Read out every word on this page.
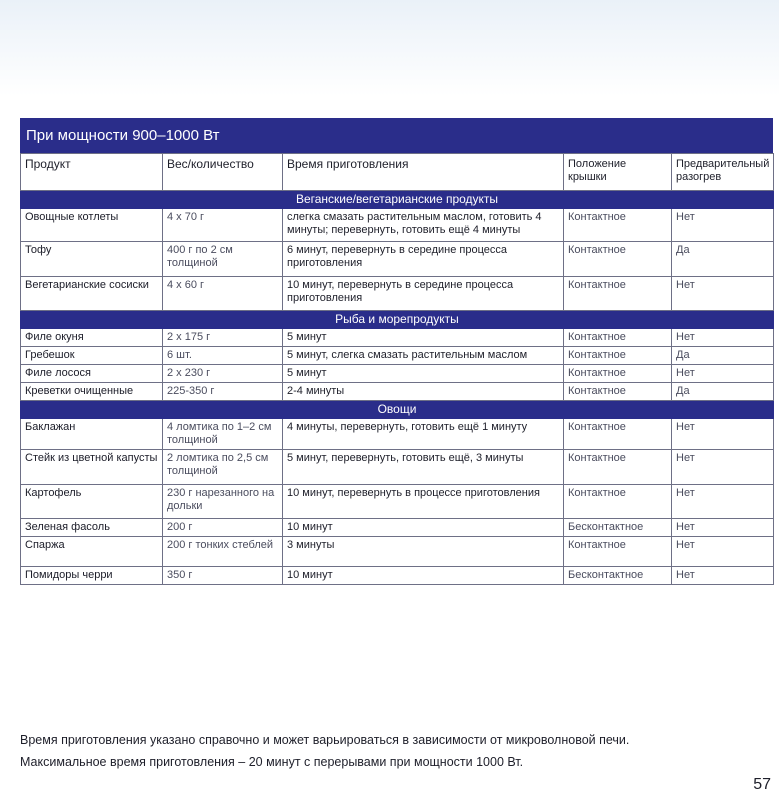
При мощности 900–1000 Вт
Продукт	Вес/количество	Время приготовления	Положение крышки	Предварительный разогрев
Веганские/вегетарианские продукты				
Овощные котлеты	4 x 70 г	слегка смазать растительным маслом, готовить 4 минуты; перевернуть, готовить ещё 4 минуты	Контактное	Нет
Тофу	400 г по 2 см толщиной	6 минут, перевернуть в середине процесса приготовления	Контактное	Да
Вегетарианские сосиски	4 x 60 г	10 минут, перевернуть в середине процесса приготовления	Контактное	Нет
Рыба и морепродукты				
Филе окуня	2 x 175 г	5 минут	Контактное	Нет
Гребешок	6 шт.	5 минут, слегка смазать растительным маслом	Контактное	Да
Филе лосося	2 x 230 г	5 минут	Контактное	Нет
Креветки очищенные	225-350 г	2-4 минуты	Контактное	Да
Овощи				
Баклажан	4 ломтика по 1–2 см толщиной	4 минуты, перевернуть, готовить ещё 1 минуту	Контактное	Нет
Стейк из цветной капусты	2 ломтика по 2,5 см толщиной	5 минут, перевернуть, готовить ещё, 3 минуты	Контактное	Нет
Картофель	230 г нарезанного на дольки	10 минут, перевернуть в процессе приготовления	Контактное	Нет
Зеленая фасоль	200 г	10 минут	Бесконтактное	Нет
Спаржа	200 г тонких стеблей	3 минуты	Контактное	Нет
Помидоры черри	350 г	10 минут	Бесконтактное	Нет
Время приготовления указано справочно и может варьироваться в зависимости от микроволновой печи.
Максимальное время приготовления – 20 минут с перерывами при мощности 1000 Вт.
57
